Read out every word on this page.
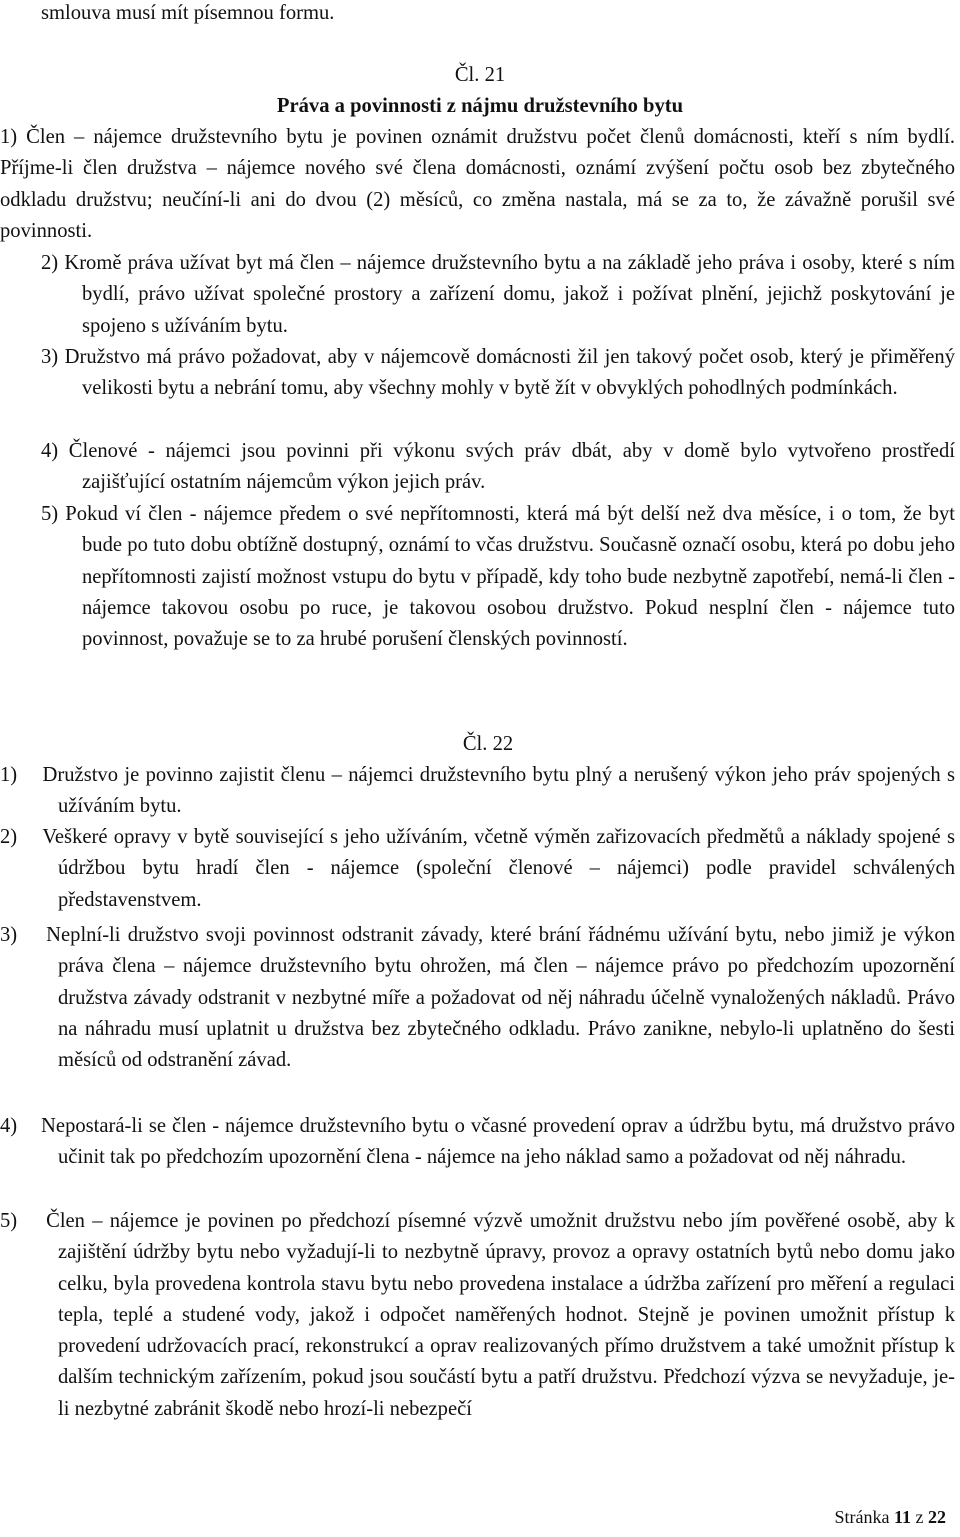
smlouva musí mít písemnou formu.

Čl. 21

Práva a povinnosti z nájmu družstevního bytu

1) Člen – nájemce družstevního bytu je povinen oznámit družstvu počet členů domácnosti, kteří s ním bydlí. Příjme-li člen družstva – nájemce nového své člena domácnosti, oznámí zvýšení počtu osob bez zbytečného odkladu družstvu; neučíní-li ani do dvou (2) měsíců, co změna nastala, má se za to, že závažně porušil své povinnosti.

2) Kromě práva užívat byt má člen – nájemce družstevního bytu a na základě jeho práva i osoby, které s ním bydlí, právo užívat společné prostory a zařízení domu, jakož i požívat plnění, jejichž poskytování je spojeno s užíváním bytu.

3) Družstvo má právo požadovat, aby v nájemcově domácnosti žil jen takový počet osob, který je přiměřený velikosti bytu a nebrání tomu, aby všechny mohly v bytě žít v obvyklých pohodlných podmínkách.

4) Členové - nájemci jsou povinni při výkonu svých práv dbát, aby v domě bylo vytvořeno prostředí zajišťující ostatním nájemcům výkon jejich práv.

5) Pokud ví člen - nájemce předem o své nepřítomnosti, která má být delší než dva měsíce, i o tom, že byt bude po tuto dobu obtížně dostupný, oznámí to včas družstvu. Současně označí osobu, která po dobu jeho nepřítomnosti zajistí možnost vstupu do bytu v případě, kdy toho bude nezbytně zapotřebí, nemá-li člen - nájemce takovou osobu po ruce, je takovou osobou družstvo. Pokud nesplní člen - nájemce tuto povinnost, považuje se to za hrubé porušení členských povinností.

Čl. 22

1)    Družstvo je povinno zajistit členu – nájemci družstevního bytu plný a nerušený výkon jeho práv spojených s užíváním bytu.

2)    Veškeré opravy v bytě související s jeho užíváním, včetně výměn zařizovacích předmětů a náklady spojené s údržbou bytu hradí člen - nájemce (společní členové – nájemci) podle pravidel schválených představenstvem.

3)    Neplní-li družstvo svoji povinnost odstranit závady, které brání řádnému užívání bytu, nebo jimiž je výkon práva člena – nájemce družstevního bytu ohrožen, má člen – nájemce právo po předchozím upozornění družstva závady odstranit v nezbytné míře a požadovat od něj náhradu účelně vynaložených nákladů. Právo na náhradu musí uplatnit u družstva bez zbytečného odkladu. Právo zanikne, nebylo-li uplatněno do šesti měsíců od odstranění závad.

4)    Nepostará-li se člen - nájemce družstevního bytu o včasné provedení oprav a údržbu bytu, má družstvo právo učinit tak po předchozím upozornění člena - nájemce na jeho náklad samo a požadovat od něj náhradu.

5)    Člen – nájemce je povinen po předchozí písemné výzvě umožnit družstvu nebo jím pověřené osobě, aby k zajištění údržby bytu nebo vyžadují-li to nezbytně úpravy, provoz a opravy ostatních bytů nebo domu jako celku, byla provedena kontrola stavu bytu nebo provedena instalace a údržba zařízení pro měření a regulaci tepla, teplé a studené vody, jakož i odpočet naměřených hodnot. Stejně je povinen umožnit přístup k provedení udržovacích prací, rekonstrukcí a oprav realizovaných přímo družstvem a také umožnit přístup k dalším technickým zařízením, pokud jsou součástí bytu a patří družstvu. Předchozí výzva se nevyžaduje, je-li nezbytné zabránit škodě nebo hrozí-li nebezpečí

Stránka 11 z 22
